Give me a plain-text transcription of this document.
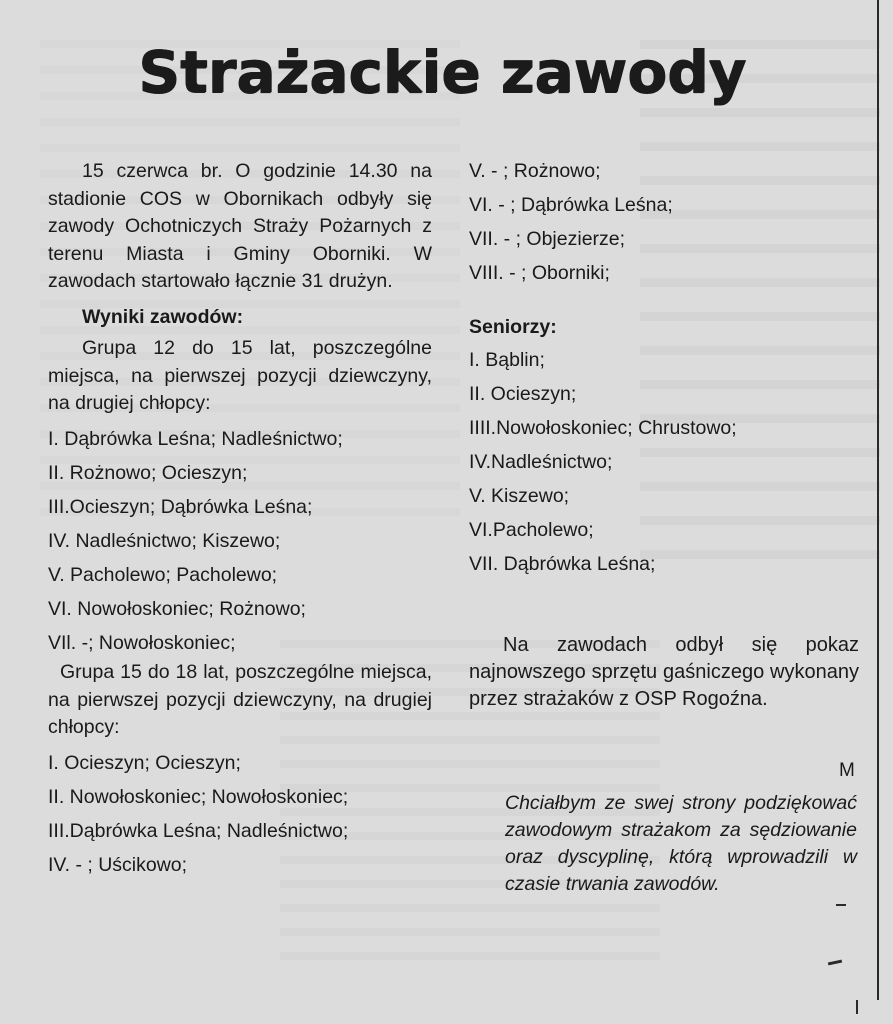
Strażackie zawody

15 czerwca br. O godzinie 14.30 na stadionie COS w Obornikach odbyły się zawody Ochotniczych Straży Pożarnych z terenu Miasta i Gminy Oborniki. W zawodach startowało łącznie 31 drużyn.

Wyniki zawodów:

Grupa 12 do 15 lat, poszczególne miejsca, na pierwszej pozycji dziewczyny, na drugiej chłopcy:

I. Dąbrówka Leśna; Nadleśnictwo;
II. Rożnowo; Ocieszyn;
III.Ocieszyn; Dąbrówka Leśna;
IV. Nadleśnictwo; Kiszewo;
V. Pacholewo; Pacholewo;
VI. Nowołoskoniec; Rożnowo;
VIl. -; Nowołoskoniec;

Grupa 15 do 18 lat, poszczególne miejsca, na pierwszej pozycji dziewczyny, na drugiej chłopcy:

I. Ocieszyn; Ocieszyn;
II. Nowołoskoniec; Nowołoskoniec;
III.Dąbrówka Leśna; Nadleśnictwo;
IV. - ; Uścikowo;
V. - ; Rożnowo;
VI. - ; Dąbrówka Leśna;
VII. - ; Objezierze;
VIII. - ; Oborniki;

Seniorzy:

I. Bąblin;
II. Ocieszyn;
IIII.Nowołoskoniec; Chrustowo;
IV.Nadleśnictwo;
V. Kiszewo;
VI.Pacholewo;
VII. Dąbrówka Leśna;

Na zawodach odbył się pokaz najnowszego sprzętu gaśniczego wykonany przez strażaków z OSP Rogoźna.

M

Chciałbym ze swej strony podziękować zawodowym strażakom za sędziowanie oraz dyscyplinę, którą wprowadzili w czasie trwania zawodów.
